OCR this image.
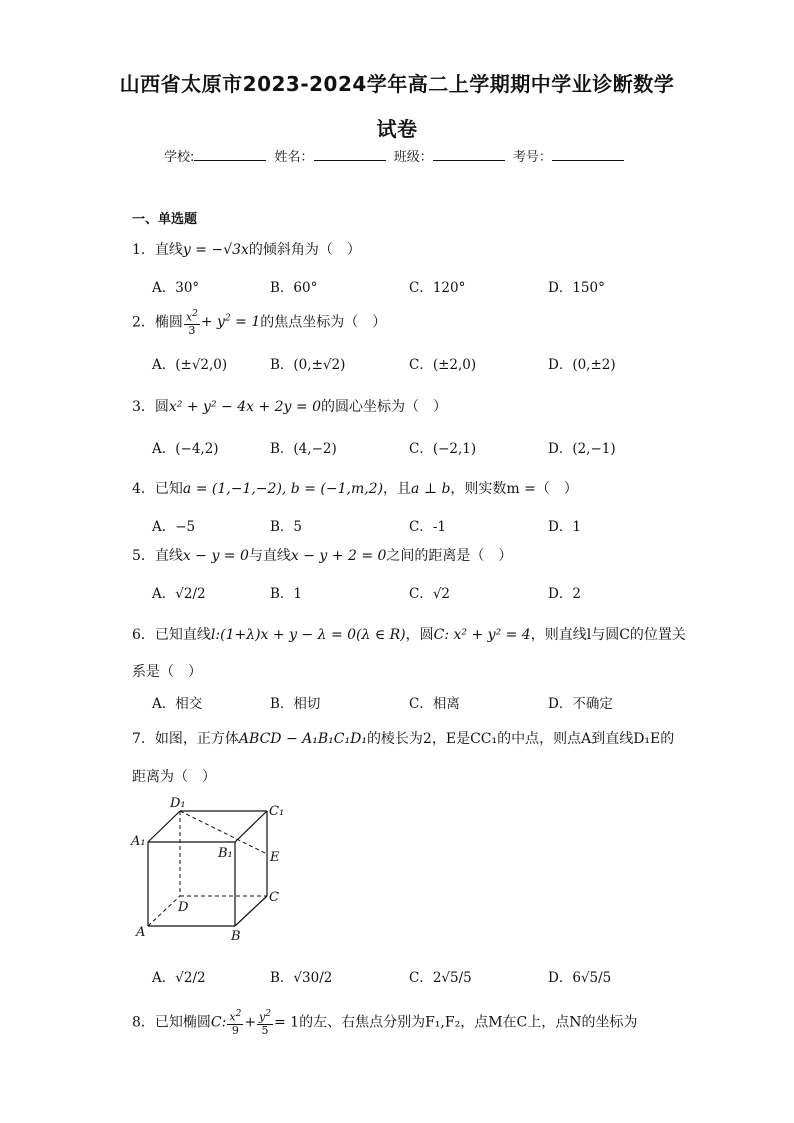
山西省太原市2023-2024学年高二上学期期中学业诊断数学
试卷
学校:	姓名：	班级：	考号：
一、单选题
1．直线y = −√3x的倾斜角为（　）
A．30°	B．60°	C．120°	D．150°
2．椭圆 $\frac{x^2}{3} + y^2 = 1$的焦点坐标为（　）
A．(±√2,0)	B．(0,±√2)	C．(±2,0)	D．(0,±2)
3．圆x² + y² − 4x + 2y = 0的圆心坐标为（　）
A．(−4,2)	B．(4,−2)	C．(−2,1)	D．(2,−1)
4．已知a = (1,−1,−2), b = (−1,m,2)，且a ⊥ b，则实数m =（　）
A．−5	B．5	C．-1	D．1
5．直线x − y = 0与直线x − y + 2 = 0之间的距离是（　）
A．√2/2	B．1	C．√2	D．2
6．已知直线l:(1+λ)x + y − λ = 0(λ ∈ R)，圆C: x² + y² = 4，则直线l与圆C的位置关
系是（　）
A．相交	B．相切	C．相离	D．不确定
7．如图，正方体ABCD − A₁B₁C₁D₁的棱长为2，E是CC₁的中点，则点A到直线D₁E的
距离为（　）
D₁
C₁
A₁
B₁	E
D
C
A	B
A．√2/2	B．√30/2	C．2√5/5	D．6√5/5
8．已知椭圆C: $\frac{x^2}{9} + \frac{y^2}{5} = 1$的左、右焦点分别为F₁,F₂，点M在C上，点N的坐标为
